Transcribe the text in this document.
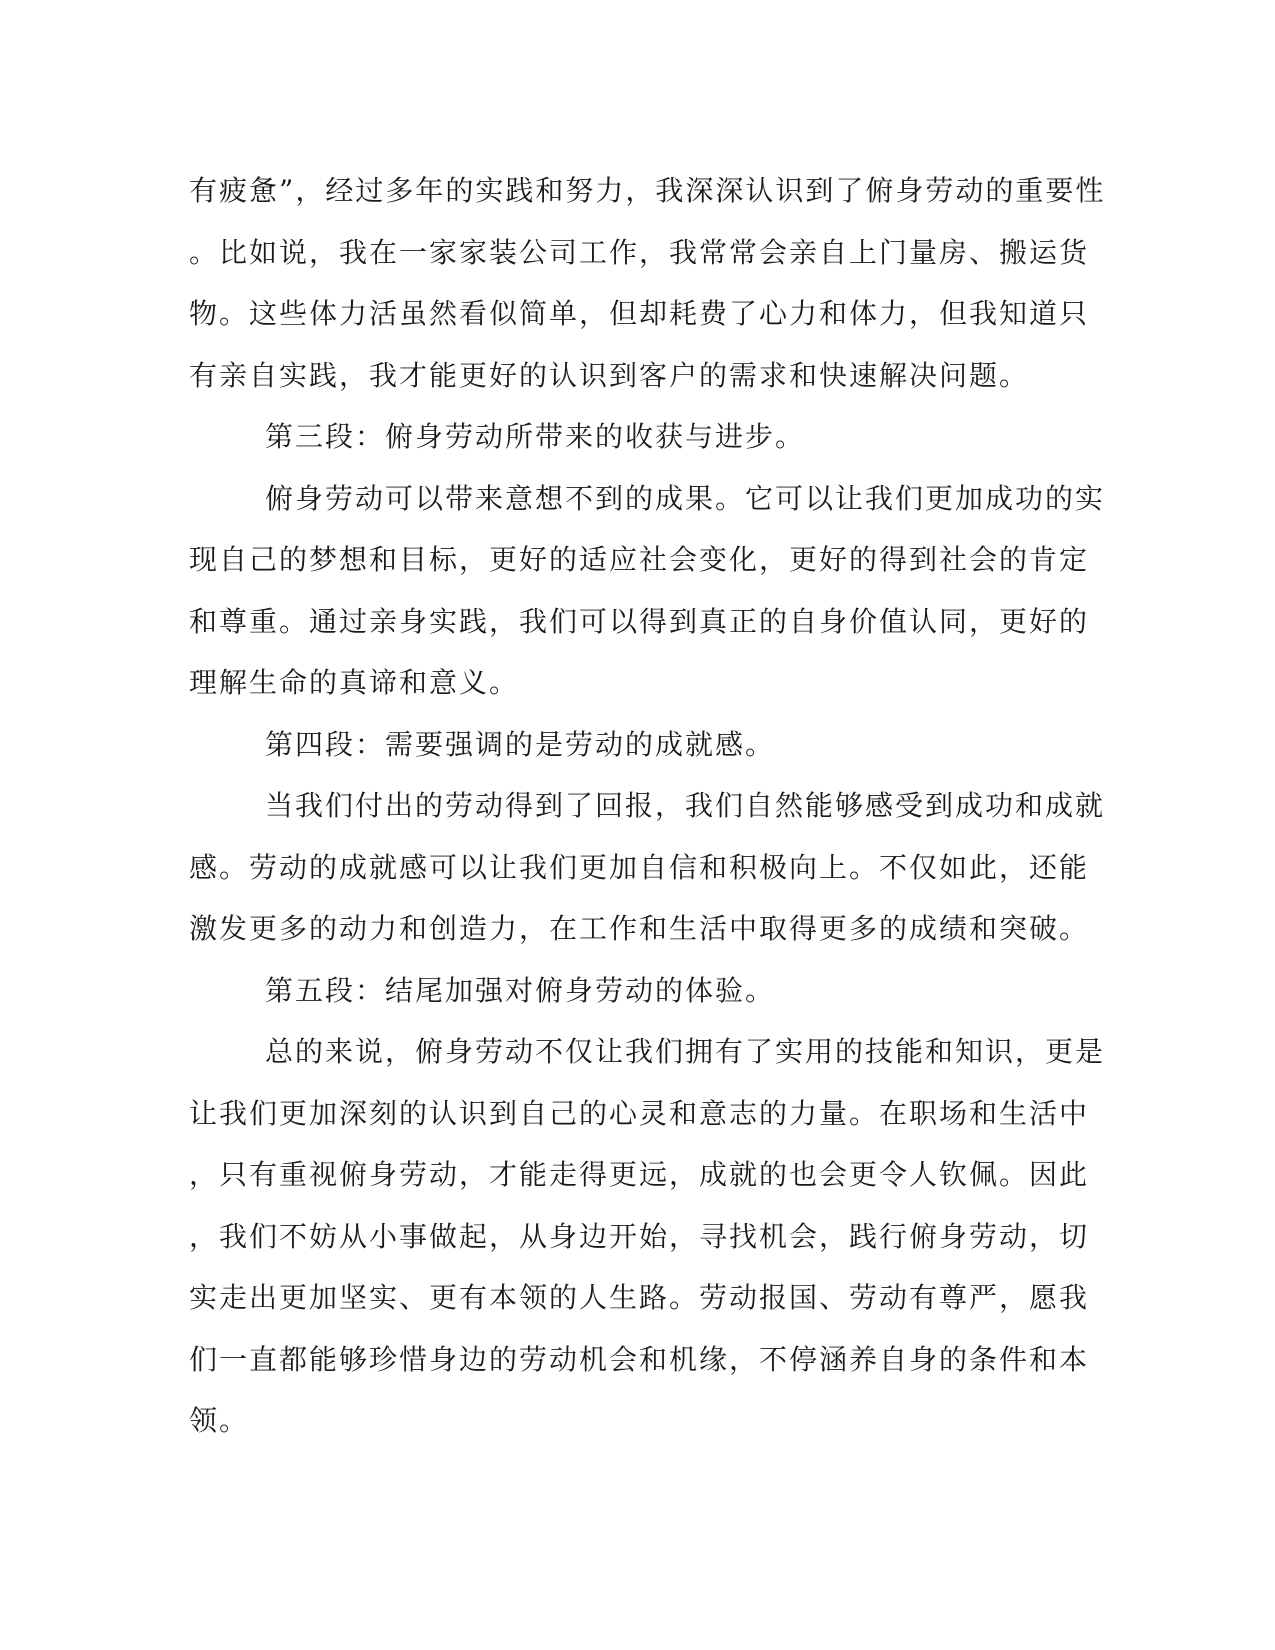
有疲惫”，经过多年的实践和努力，我深深认识到了俯身劳动的重要性
。比如说，我在一家家装公司工作，我常常会亲自上门量房、搬运货
物。这些体力活虽然看似简单，但却耗费了心力和体力，但我知道只
有亲自实践，我才能更好的认识到客户的需求和快速解决问题。
第三段：俯身劳动所带来的收获与进步。
俯身劳动可以带来意想不到的成果。它可以让我们更加成功的实
现自己的梦想和目标，更好的适应社会变化，更好的得到社会的肯定
和尊重。通过亲身实践，我们可以得到真正的自身价值认同，更好的
理解生命的真谛和意义。
第四段：需要强调的是劳动的成就感。
当我们付出的劳动得到了回报，我们自然能够感受到成功和成就
感。劳动的成就感可以让我们更加自信和积极向上。不仅如此，还能
激发更多的动力和创造力，在工作和生活中取得更多的成绩和突破。
第五段：结尾加强对俯身劳动的体验。
总的来说，俯身劳动不仅让我们拥有了实用的技能和知识，更是
让我们更加深刻的认识到自己的心灵和意志的力量。在职场和生活中
，只有重视俯身劳动，才能走得更远，成就的也会更令人钦佩。因此
，我们不妨从小事做起，从身边开始，寻找机会，践行俯身劳动，切
实走出更加坚实、更有本领的人生路。劳动报国、劳动有尊严，愿我
们一直都能够珍惜身边的劳动机会和机缘，不停涵养自身的条件和本
领。
